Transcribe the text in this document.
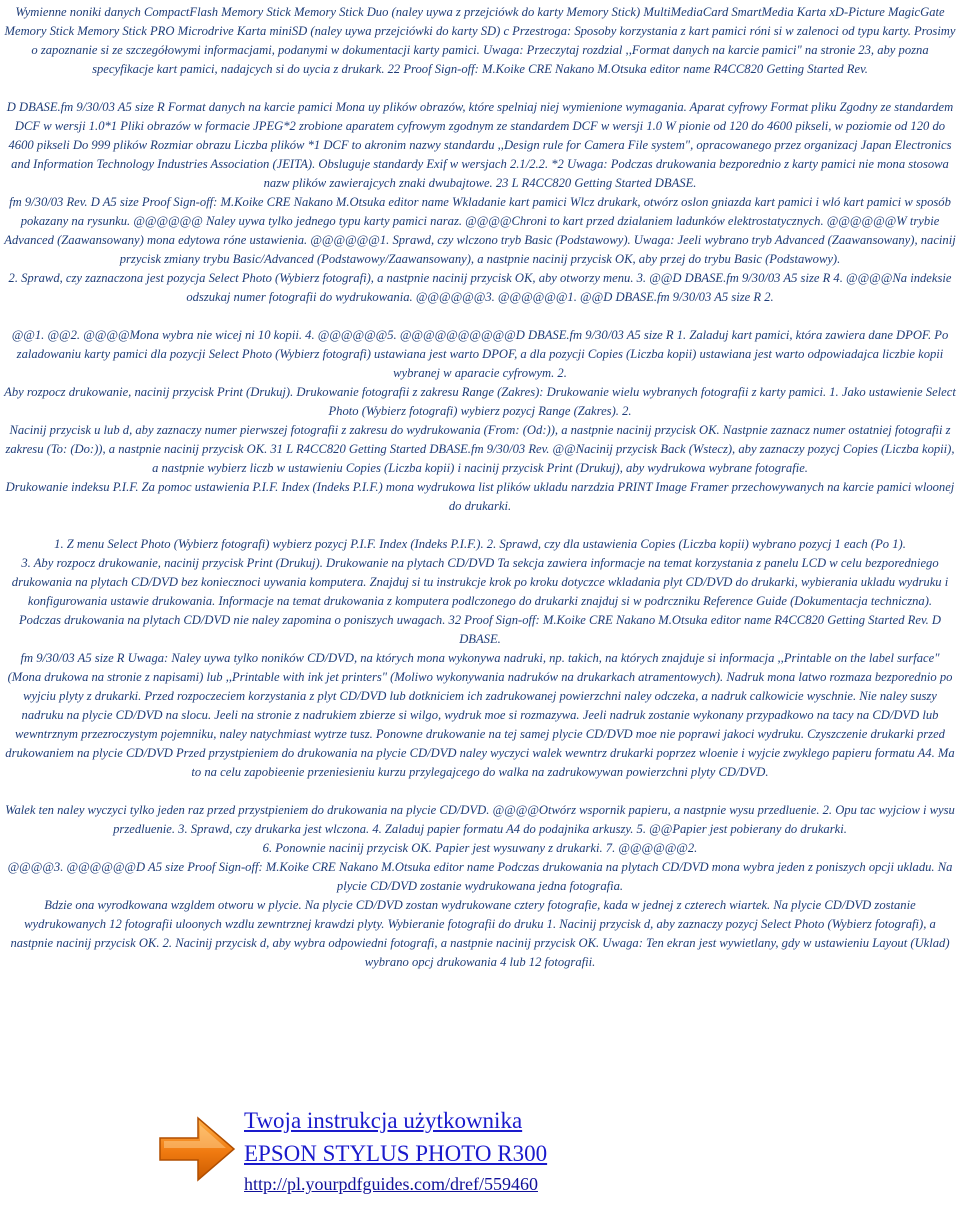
Wymienne noniki danych CompactFlash Memory Stick Memory Stick Duo (naley uywa z przejciówk do karty Memory Stick) MultiMediaCard SmartMedia Karta xD-Picture MagicGate Memory Stick Memory Stick PRO Microdrive Karta miniSD (naley uywa przejciówki do karty SD) c Przestroga: Sposoby korzystania z kart pamici róni si w zalenoci od typu karty. Prosimy o zapoznanie si ze szczegółowymi informacjami, podanymi w dokumentacji karty pamici. Uwaga: Przeczytaj rozdzial ,,Format danych na karcie pamici" na stronie 23, aby pozna specyfikacje kart pamici, nadajcych si do uycia z drukark. 22 Proof Sign-off: M.Koike CRE Nakano M.Otsuka editor name R4CC820 Getting Started Rev.

D DBASE.fm 9/30/03 A5 size R Format danych na karcie pamici Mona uy plików obrazów, które spelniaj niej wymienione wymagania. Aparat cyfrowy Format pliku Zgodny ze standardem DCF w wersji 1.0*1 Pliki obrazów w formacie JPEG*2 zrobione aparatem cyfrowym zgodnym ze standardem DCF w wersji 1.0 W pionie od 120 do 4600 pikseli, w poziomie od 120 do 4600 pikseli Do 999 plików Rozmiar obrazu Liczba plików *1 DCF to akronim nazwy standardu ,,Design rule for Camera File system", opracowanego przez organizacj Japan Electronics and Information Technology Industries Association (JEITA). Obsluguje standardy Exif w wersjach 2.1/2.2. *2 Uwaga: Podczas drukowania bezporednio z karty pamici nie mona stosowa nazw plików zawierajcych znaki dwubajtowe. 23 L R4CC820 Getting Started DBASE.

fm 9/30/03 Rev. D A5 size Proof Sign-off: M.Koike CRE Nakano M.Otsuka editor name Wkladanie kart pamici Wlcz drukark, otwórz oslon gniazda kart pamici i wló kart pamici w sposób pokazany na rysunku. @@@@@@ Naley uywa tylko jednego typu karty pamici naraz. @@@@Chroni to kart przed dzialaniem ladunków elektrostatycznych. @@@@@@W trybie Advanced (Zaawansowany) mona edytowa róne ustawienia. @@@@@@1. Sprawd, czy wlczono tryb Basic (Podstawowy). Uwaga: Jeeli wybrano tryb Advanced (Zaawansowany), nacinij przycisk zmiany trybu Basic/Advanced (Podstawowy/Zaawansowany), a nastpnie nacinij przycisk OK, aby przej do trybu Basic (Podstawowy).

2. Sprawd, czy zaznaczona jest pozycja Select Photo (Wybierz fotografi), a nastpnie nacinij przycisk OK, aby otworzy menu. 3. @@D DBASE.fm 9/30/03 A5 size R 4. @@@@Na indeksie odszukaj numer fotografii do wydrukowania. @@@@@@3. @@@@@@1. @@D DBASE.fm 9/30/03 A5 size R 2.

@@1. @@2. @@@@Mona wybra nie wicej ni 10 kopii. 4. @@@@@@5. @@@@@@@@@@D DBASE.fm 9/30/03 A5 size R 1. Zaladuj kart pamici, która zawiera dane DPOF. Po zaladowaniu karty pamici dla pozycji Select Photo (Wybierz fotografi) ustawiana jest warto DPOF, a dla pozycji Copies (Liczba kopii) ustawiana jest warto odpowiadajca liczbie kopii wybranej w aparacie cyfrowym. 2.

Aby rozpocz drukowanie, nacinij przycisk Print (Drukuj). Drukowanie fotografii z zakresu Range (Zakres): Drukowanie wielu wybranych fotografii z karty pamici. 1. Jako ustawienie Select Photo (Wybierz fotografi) wybierz pozycj Range (Zakres). 2.

Nacinij przycisk u lub d, aby zaznaczy numer pierwszej fotografii z zakresu do wydrukowania (From: (Od:)), a nastpnie nacinij przycisk OK. Nastpnie zaznacz numer ostatniej fotografii z zakresu (To: (Do:)), a nastpnie nacinij przycisk OK. 31 L R4CC820 Getting Started DBASE.fm 9/30/03 Rev. @@Nacinij przycisk Back (Wstecz), aby zaznaczy pozycj Copies (Liczba kopii), a nastpnie wybierz liczb w ustawieniu Copies (Liczba kopii) i nacinij przycisk Print (Drukuj), aby wydrukowa wybrane fotografie.

Drukowanie indeksu P.I.F. Za pomoc ustawienia P.I.F. Index (Indeks P.I.F.) mona wydrukowa list plików ukladu narzdzia PRINT Image Framer przechowywanych na karcie pamici wloonej do drukarki.

1. Z menu Select Photo (Wybierz fotografi) wybierz pozycj P.I.F. Index (Indeks P.I.F.). 2. Sprawd, czy dla ustawienia Copies (Liczba kopii) wybrano pozycj 1 each (Po 1).

3. Aby rozpocz drukowanie, nacinij przycisk Print (Drukuj). Drukowanie na plytach CD/DVD Ta sekcja zawiera informacje na temat korzystania z panelu LCD w celu bezporedniego drukowania na plytach CD/DVD bez koniecznoci uywania komputera. Znajduj si tu instrukcje krok po kroku dotyczce wkladania plyt CD/DVD do drukarki, wybierania ukladu wydruku i konfigurowania ustawie drukowania. Informacje na temat drukowania z komputera podlczonego do drukarki znajduj si w podrczniku Reference Guide (Dokumentacja techniczna).

Podczas drukowania na plytach CD/DVD nie naley zapomina o poniszych uwagach. 32 Proof Sign-off: M.Koike CRE Nakano M.Otsuka editor name R4CC820 Getting Started Rev. D DBASE.

fm 9/30/03 A5 size R Uwaga: Naley uywa tylko noników CD/DVD, na których mona wykonywa nadruki, np. takich, na których znajduje si informacja ,,Printable on the label surface" (Mona drukowa na stronie z napisami) lub ,,Printable with ink jet printers" (Moliwo wykonywania nadruków na drukarkach atramentowych). Nadruk mona latwo rozmaza bezporednio po wyjciu plyty z drukarki. Przed rozpoczeciem korzystania z plyt CD/DVD lub dotkniciem ich zadrukowanej powierzchni naley odczeka, a nadruk calkowicie wyschnie. Nie naley suszy nadruku na plycie CD/DVD na slocu. Jeeli na stronie z nadrukiem zbierze si wilgo, wydruk moe si rozmazywa. Jeeli nadruk zostanie wykonany przypadkowo na tacy na CD/DVD lub wewntrznym przezroczystym pojemniku, naley natychmiast wytrze tusz. Ponowne drukowanie na tej samej plycie CD/DVD moe nie poprawi jakoci wydruku. Czyszczenie drukarki przed drukowaniem na plycie CD/DVD Przed przystpieniem do drukowania na plycie CD/DVD naley wyczyci walek wewntrz drukarki poprzez wloenie i wyjcie zwyklego papieru formatu A4. Ma to na celu zapobieenie przeniesieniu kurzu przylegajcego do walka na zadrukowywan powierzchni plyty CD/DVD.

Walek ten naley wyczyci tylko jeden raz przed przystpieniem do drukowania na plycie CD/DVD. @@@@Otwórz wspornik papieru, a nastpnie wysu przedluenie. 2. Opu tac wyjciow i wysu przedluenie. 3. Sprawd, czy drukarka jest wlczona. 4. Zaladuj papier formatu A4 do podajnika arkuszy. 5. @@Papier jest pobierany do drukarki.

6. Ponownie nacinij przycisk OK. Papier jest wysuwany z drukarki. 7. @@@@@@2.

@@@@3. @@@@@@D A5 size Proof Sign-off: M.Koike CRE Nakano M.Otsuka editor name Podczas drukowania na plytach CD/DVD mona wybra jeden z poniszych opcji ukladu. Na plycie CD/DVD zostanie wydrukowana jedna fotografia.

Bdzie ona wyrodkowana wzgldem otworu w plycie. Na plycie CD/DVD zostan wydrukowane cztery fotografie, kada w jednej z czterech wiartek. Na plycie CD/DVD zostanie wydrukowanych 12 fotografii uloonych wzdlu zewntrznej krawdzi plyty. Wybieranie fotografii do druku 1. Nacinij przycisk d, aby zaznaczy pozycj Select Photo (Wybierz fotografi), a nastpnie nacinij przycisk OK. 2. Nacinij przycisk d, aby wybra odpowiedni fotografi, a nastpnie nacinij przycisk OK. Uwaga: Ten ekran jest wywietlany, gdy w ustawieniu Layout (Uklad) wybrano opcj drukowania 4 lub 12 fotografii.

Twoja instrukcja użytkownika
EPSON STYLUS PHOTO R300
http://pl.yourpdfguides.com/dref/559460
